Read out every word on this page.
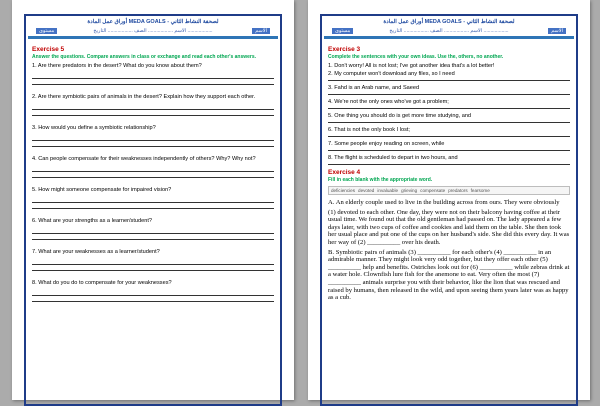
أوراق عمل المادة MEDA GOALS - لصحفة النشاط الثاني
مستوى	الاسم .................. الصف .................. التاريخ ..................	الاسم
Exercise 5
Answer the questions. Compare answers in class or exchange and read each other's answers.
1. Are there predators in the desert? What do you know about them?
2. Are there symbiotic pairs of animals in the desert? Explain how they support each other.
3. How would you define a symbiotic relationship?
4. Can people compensate for their weaknesses independently of others? Why? Why not?
5. How might someone compensate for impaired vision?
6. What are your strengths as a learner/student?
7. What are your weaknesses as a learner/student?
8. What do you do to compensate for your weaknesses?
أوراق عمل المادة MEDA GOALS - لصحفة النشاط الثاني
مستوى	الاسم .................. الصف .................. التاريخ ..................	الاسم
Exercise 3
Complete the sentences with your own ideas. Use the, others, no another.
1. Don't worry! All is not lost; I've got another idea that's a lot better!
2. My computer won't download any files, so I need
3. Fahd is an Arab name, and Saeed
4. We're not the only ones who've got a problem;
5. One thing you should do is get more time studying, and
6. That is not the only book I lost;
7. Some people enjoy reading on screen, while
8. The flight is scheduled to depart in two hours, and
Exercise 4
Fill in each blank with the appropriate word.
deficiencies devoted invaluable grieving compensate predators fearsome
A. An elderly couple used to live in the building across from ours. They were obviously
(1) devoted to each other. One day, they were not on their balcony having coffee at their usual time. We found out that the old gentleman had passed on. The lady appeared a few days later, with two cups of coffee and cookies and laid them on the table. She then took her usual place and put one of the cups on her husband's side. She did this every day. It was her way of (2) __________ over his death.
B. Symbiotic pairs of animals (3) __________ for each other's (4) __________ in an admirable manner. They might look very odd together, but they offer each other (5) __________ help and benefits. Ostriches look out for (6) __________ while zebras drink at a water hole. Clownfish lure fish for the anemone to eat. Very often the most (7) __________ animals surprise you with their behavior, like the lion that was rescued and raised by humans, then released in the wild, and upon seeing them years later was as happy as a cub.
